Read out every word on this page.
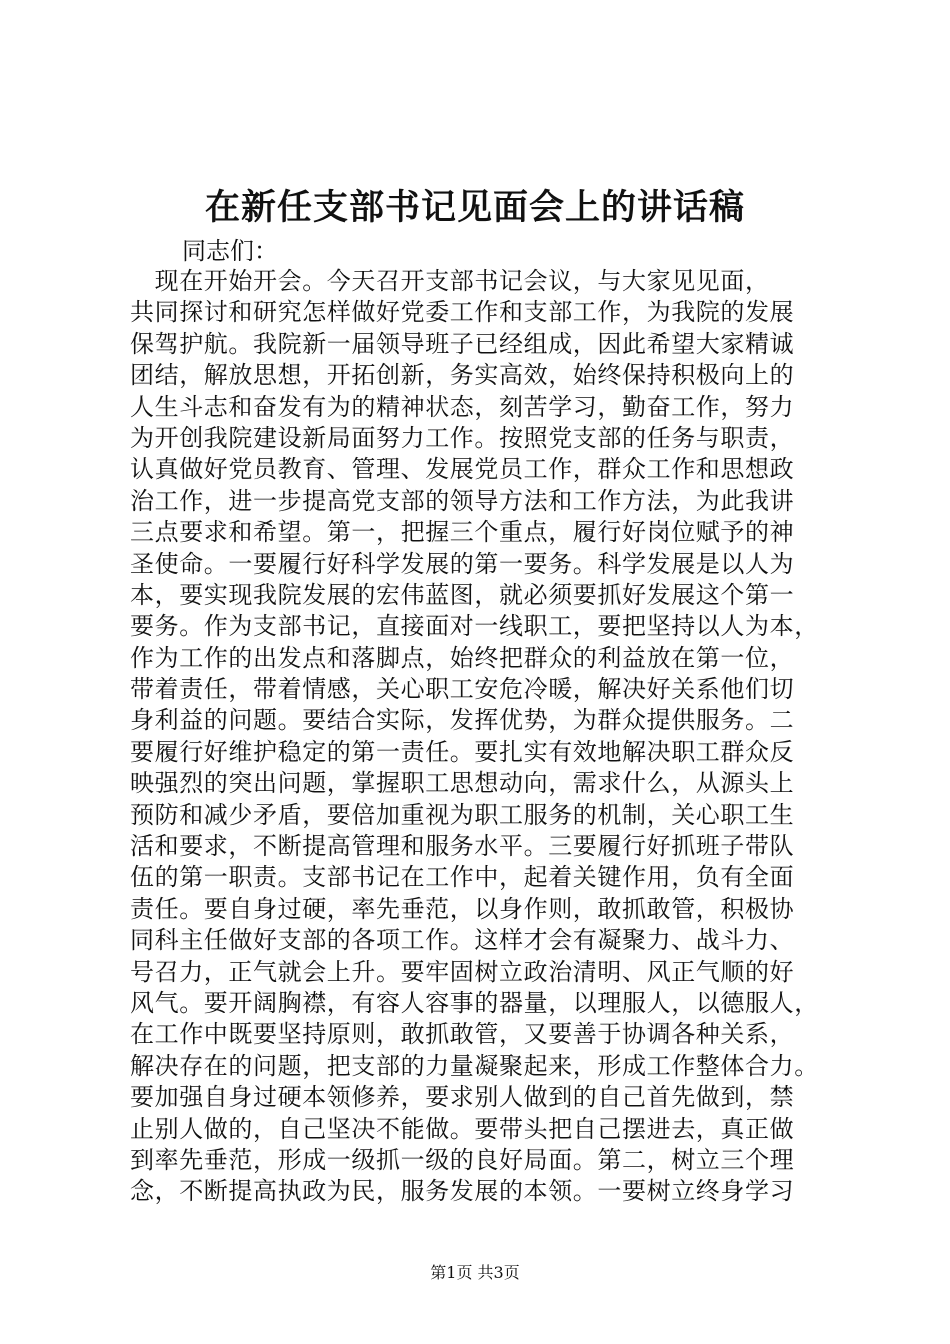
在新任支部书记见面会上的讲话稿

同志们：

　现在开始开会。今天召开支部书记会议，与大家见见面，
共同探讨和研究怎样做好党委工作和支部工作，为我院的发展
保驾护航。我院新一届领导班子已经组成，因此希望大家精诚
团结，解放思想，开拓创新，务实高效，始终保持积极向上的
人生斗志和奋发有为的精神状态，刻苦学习，勤奋工作，努力
为开创我院建设新局面努力工作。按照党支部的任务与职责，
认真做好党员教育、管理、发展党员工作，群众工作和思想政
治工作，进一步提高党支部的领导方法和工作方法，为此我讲
三点要求和希望。第一，把握三个重点，履行好岗位赋予的神
圣使命。一要履行好科学发展的第一要务。科学发展是以人为
本，要实现我院发展的宏伟蓝图，就必须要抓好发展这个第一
要务。作为支部书记，直接面对一线职工，要把坚持以人为本，
作为工作的出发点和落脚点，始终把群众的利益放在第一位，
带着责任，带着情感，关心职工安危冷暖，解决好关系他们切
身利益的问题。要结合实际，发挥优势，为群众提供服务。二
要履行好维护稳定的第一责任。要扎实有效地解决职工群众反
映强烈的突出问题，掌握职工思想动向，需求什么，从源头上
预防和减少矛盾，要倍加重视为职工服务的机制，关心职工生
活和要求，不断提高管理和服务水平。三要履行好抓班子带队
伍的第一职责。支部书记在工作中，起着关键作用，负有全面
责任。要自身过硬，率先垂范，以身作则，敢抓敢管，积极协
同科主任做好支部的各项工作。这样才会有凝聚力、战斗力、
号召力，正气就会上升。要牢固树立政治清明、风正气顺的好
风气。要开阔胸襟，有容人容事的器量，以理服人，以德服人，
在工作中既要坚持原则，敢抓敢管，又要善于协调各种关系，
解决存在的问题，把支部的力量凝聚起来，形成工作整体合力。
要加强自身过硬本领修养，要求别人做到的自己首先做到，禁
止别人做的，自己坚决不能做。要带头把自己摆进去，真正做
到率先垂范，形成一级抓一级的良好局面。第二，树立三个理
念，不断提高执政为民，服务发展的本领。一要树立终身学习
第1页 共3页
